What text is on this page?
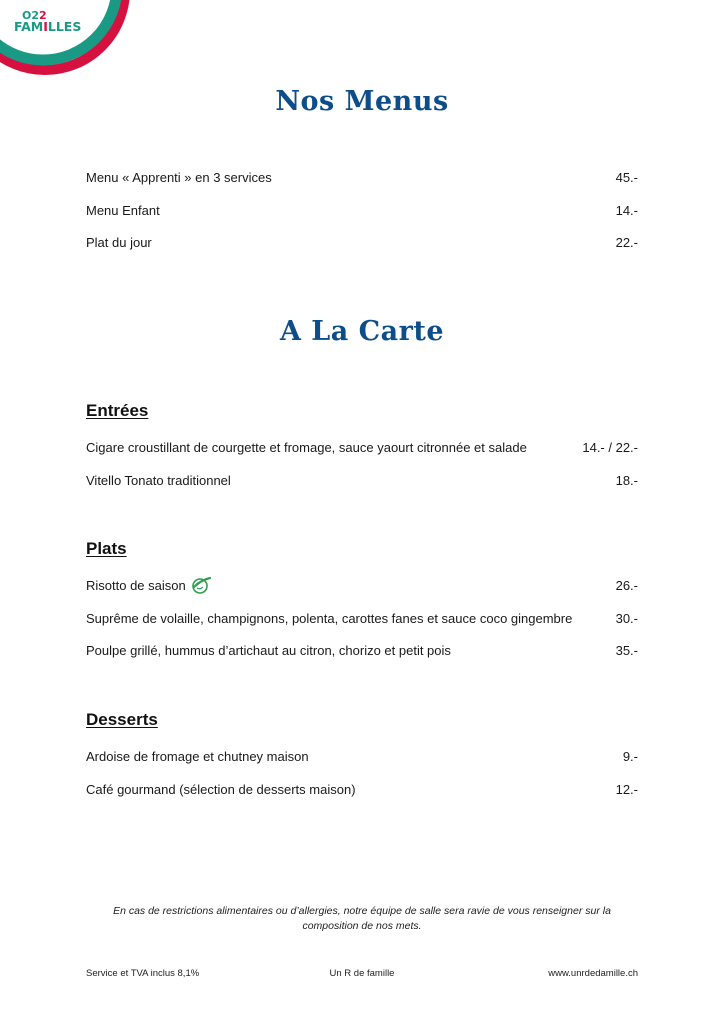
O22
FAMILLES
Nos Menus
Menu « Apprenti » en 3 services	45.-
Menu Enfant	14.-
Plat du jour	22.-
A La Carte
Entrées
Cigare croustillant de courgette et fromage, sauce yaourt citronnée et salade	14.- / 22.-
Vitello Tonato traditionnel	18.-
Plats
Risotto de saison	26.-
Suprême de volaille, champignons, polenta, carottes fanes et sauce coco gingembre	30.-
Poulpe grillé, hummus d’artichaut au citron, chorizo et petit pois	35.-
Desserts
Ardoise de fromage et chutney maison	9.-
Café gourmand (sélection de desserts maison)	12.-
En cas de restrictions alimentaires ou d’allergies, notre équipe de salle sera ravie de vous renseigner sur la composition de nos mets.
Service et TVA inclus 8,1%	Un R de famille	www.unrdedamille.ch
